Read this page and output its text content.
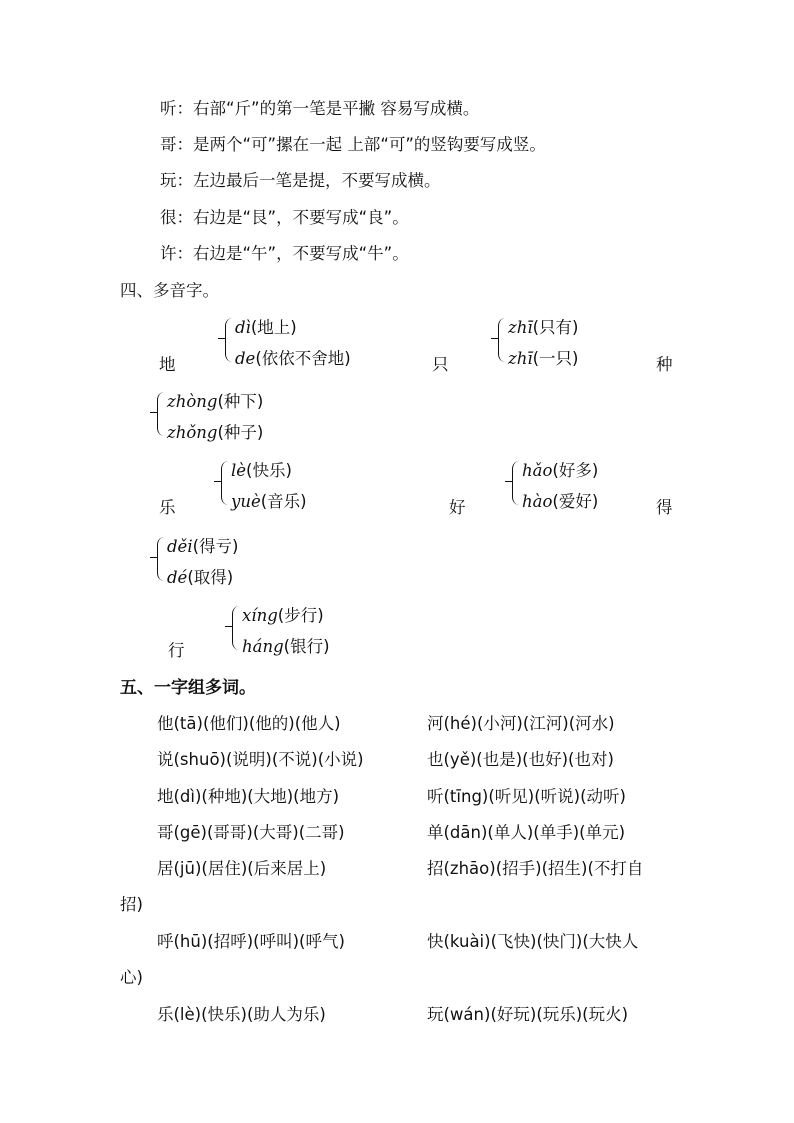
听：右部“斤”的第一笔是平撇 容易写成横。
哥：是两个“可”摞在一起 上部“可”的竖钩要写成竖。
玩：左边最后一笔是提，不要写成横。
很：右边是“艮”，不要写成“良”。
许：右边是“午”，不要写成“牛”。
四、多音字。
地
dì(地上)
de(依依不舍地)	只
zhī(只有)
zhī(一只)	种
zhòng(种下)
zhǒng(种子)
乐
lè(快乐)
yuè(音乐)	好
hǎo(好多)
hào(爱好)	得
děi(得亏)
dé(取得)
行
xíng(步行)
háng(银行)
五、一字组多词。
他(tā)(他们)(他的)(他人)	河(hé)(小河)(江河)(河水)
说(shuō)(说明)(不说)(小说)	也(yě)(也是)(也好)(也对)
地(dì)(种地)(大地)(地方)	听(tīng)(听见)(听说)(动听)
哥(gē)(哥哥)(大哥)(二哥)	单(dān)(单人)(单手)(单元)
居(jū)(居住)(后来居上)	招(zhāo)(招手)(招生)(不打自
招)
呼(hū)(招呼)(呼叫)(呼气)	快(kuài)(飞快)(快门)(大快人
心)
乐(lè)(快乐)(助人为乐)	玩(wán)(好玩)(玩乐)(玩火)
